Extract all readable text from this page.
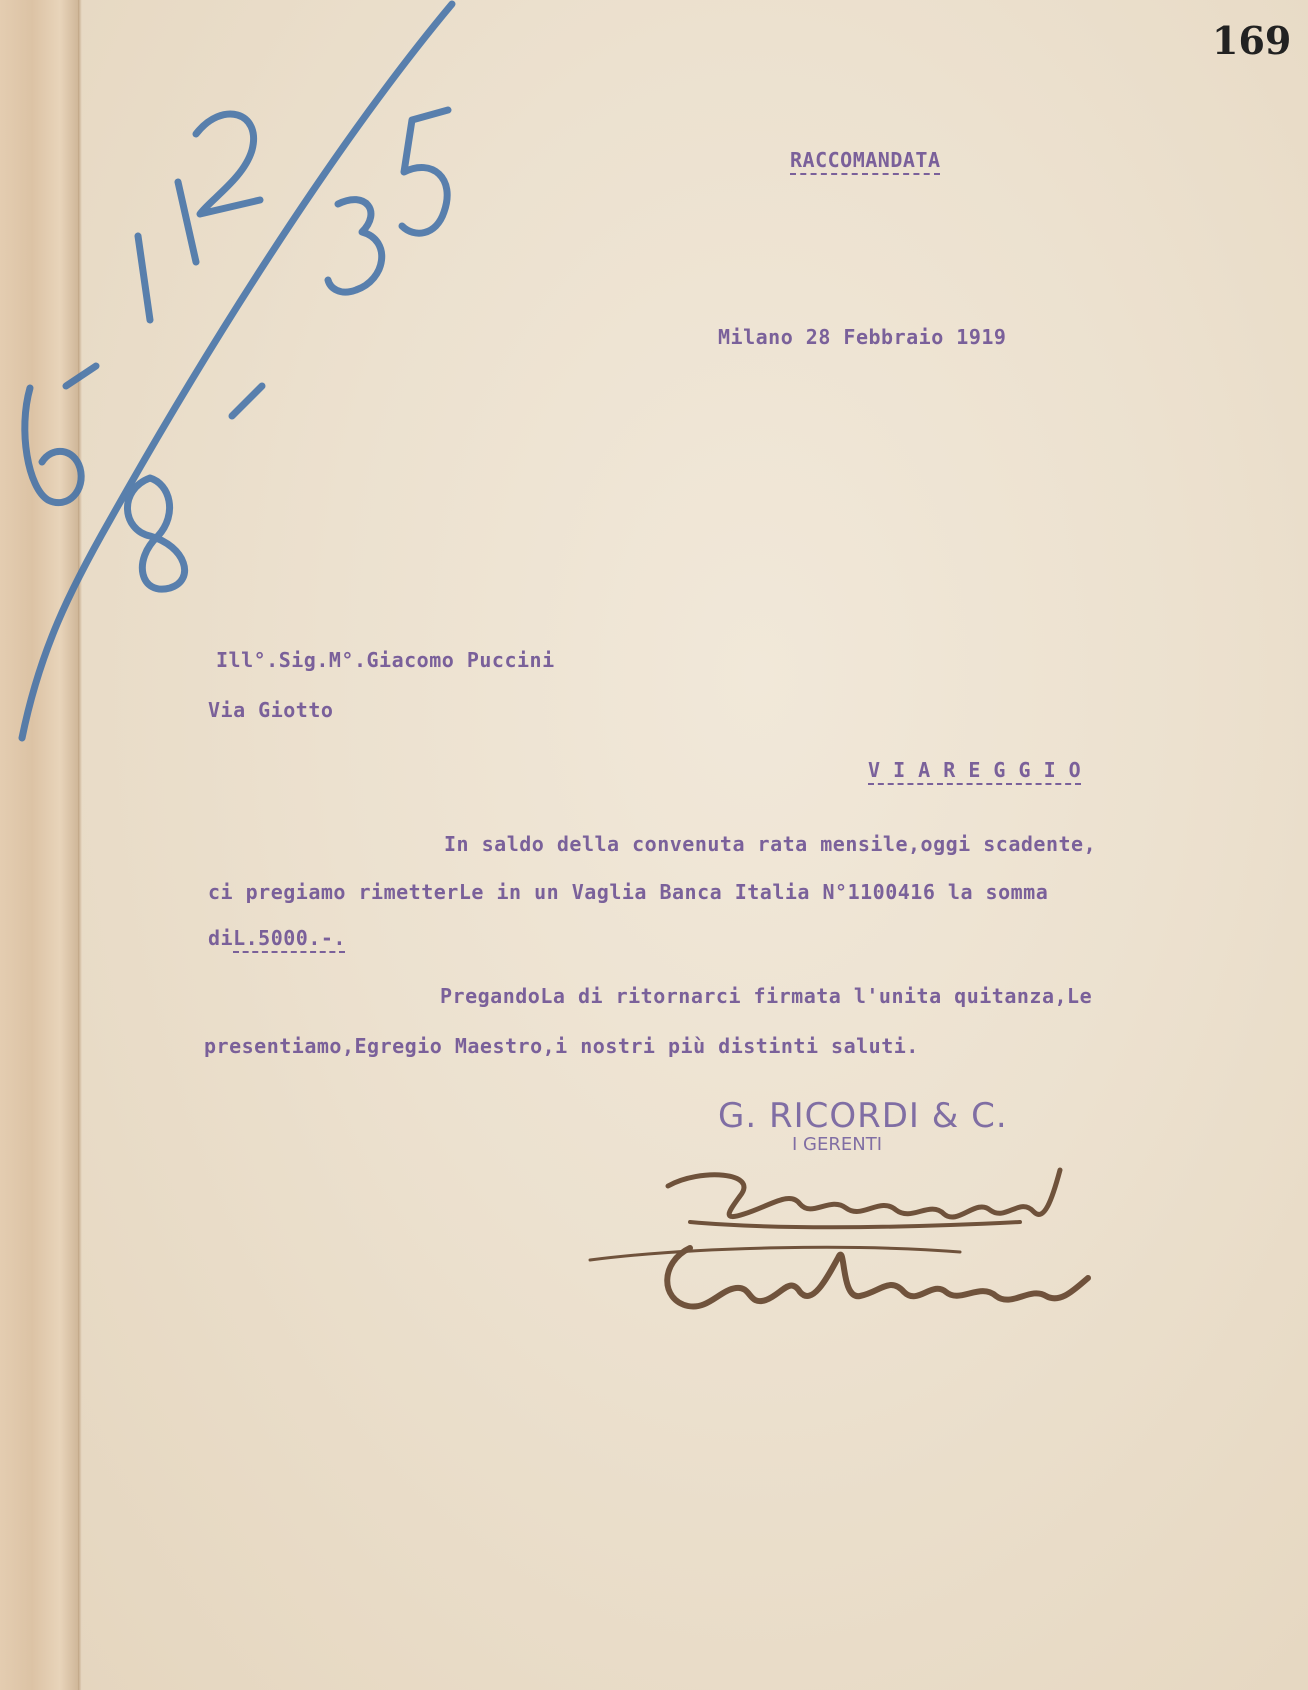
169
RACCOMANDATA
Milano 28 Febbraio 1919
Ill°.Sig.M°.Giacomo Puccini
Via Giotto
V I A R E G G I O
In saldo della convenuta rata mensile,oggi scadente,
ci pregiamo rimetterLe in un Vaglia Banca Italia N°1100416 la somma
diL.5000.-.
PregandoLa di ritornarci firmata l'unita quitanza,Le
presentiamo,Egregio Maestro,i nostri più distinti saluti.
G. RICORDI & C.
I GERENTI
